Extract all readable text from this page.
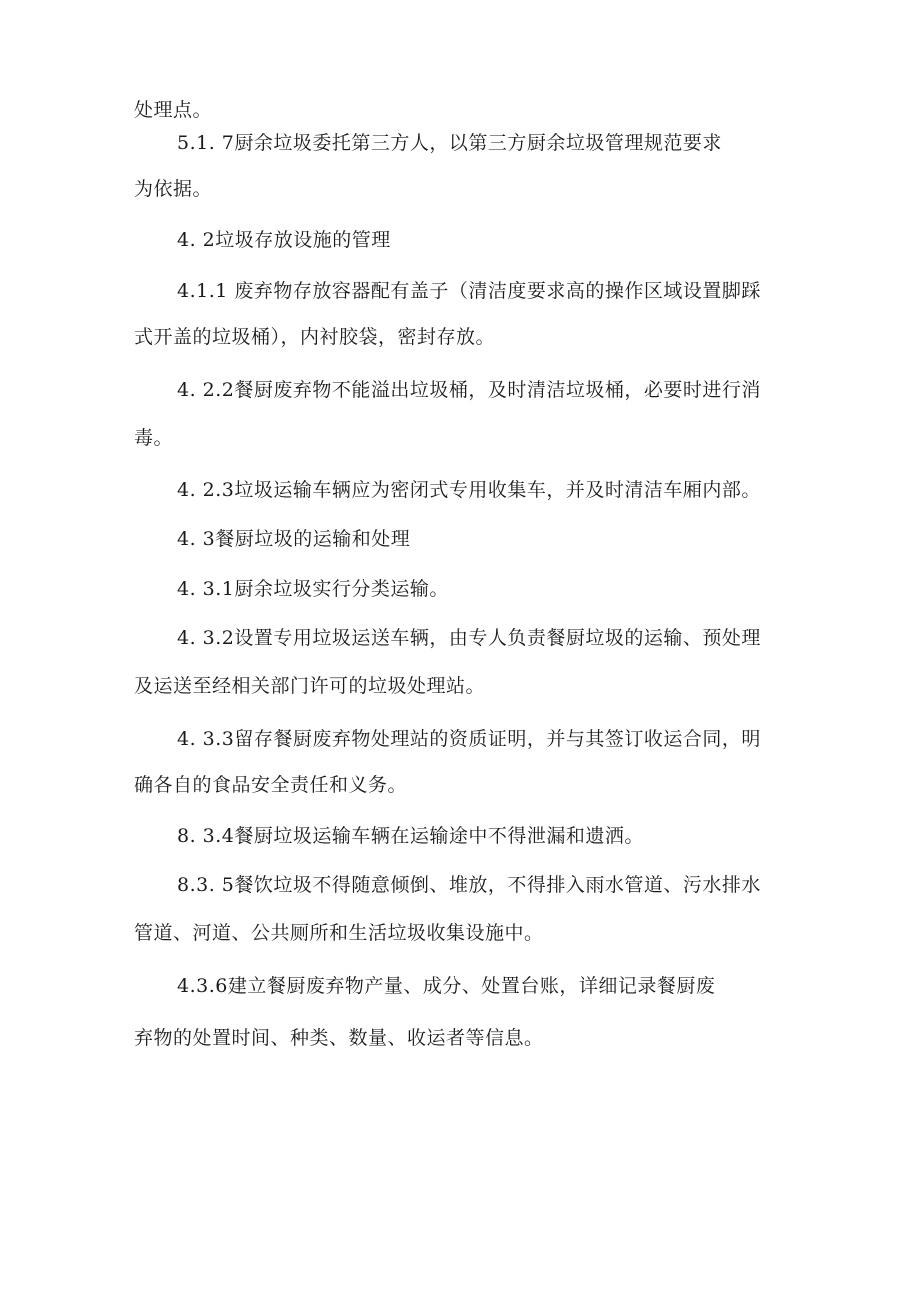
处理点。
5.1. 7厨余垃圾委托第三方人，以第三方厨余垃圾管理规范要求
为依据。
4. 2垃圾存放设施的管理
4.1.1 废弃物存放容器配有盖子（清洁度要求高的操作区域设置脚踩
式开盖的垃圾桶），内衬胶袋，密封存放。
4. 2.2餐厨废弃物不能溢出垃圾桶，及时清洁垃圾桶，必要时进行消
毒。
4. 2.3垃圾运输车辆应为密闭式专用收集车，并及时清洁车厢内部。
4. 3餐厨垃圾的运输和处理
4. 3.1厨余垃圾实行分类运输。
4. 3.2设置专用垃圾运送车辆，由专人负责餐厨垃圾的运输、预处理
及运送至经相关部门许可的垃圾处理站。
4. 3.3留存餐厨废弃物处理站的资质证明，并与其签订收运合同，明
确各自的食品安全责任和义务。
8. 3.4餐厨垃圾运输车辆在运输途中不得泄漏和遗洒。
8.3. 5餐饮垃圾不得随意倾倒、堆放，不得排入雨水管道、污水排水
管道、河道、公共厕所和生活垃圾收集设施中。
4.3.6建立餐厨废弃物产量、成分、处置台账，详细记录餐厨废
弃物的处置时间、种类、数量、收运者等信息。
